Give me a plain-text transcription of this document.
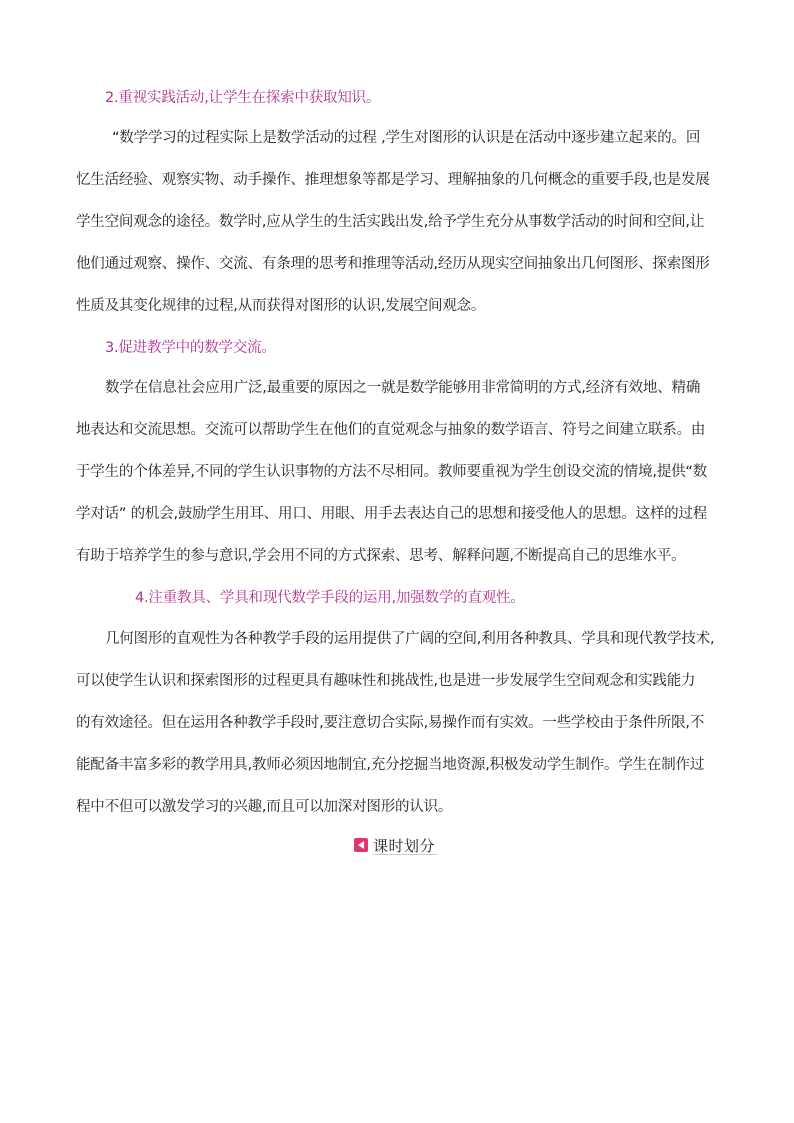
2.重视实践活动,让学生在探索中获取知识。
“数学学习的过程实际上是数学活动的过程 ,学生对图形的认识是在活动中逐步建立起来的。回
忆生活经验、观察实物、动手操作、推理想象等都是学习、理解抽象的几何概念的重要手段,也是发展
学生空间观念的途径。数学时,应从学生的生活实践出发,给予学生充分从事数学活动的时间和空间,让
他们通过观察、操作、交流、有条理的思考和推理等活动,经历从现实空间抽象出几何图形、探索图形
性质及其变化规律的过程,从而获得对图形的认识,发展空间观念。
3.促进教学中的数学交流。
数学在信息社会应用广泛,最重要的原因之一就是数学能够用非常简明的方式,经济有效地、精确
地表达和交流思想。交流可以帮助学生在他们的直觉观念与抽象的数学语言、符号之间建立联系。由
于学生的个体差异,不同的学生认识事物的方法不尽相同。教师要重视为学生创设交流的情境,提供“数
学对话” 的机会,鼓励学生用耳、用口、用眼、用手去表达自己的思想和接受他人的思想。这样的过程
有助于培养学生的参与意识,学会用不同的方式探索、思考、解释问题,不断提高自己的思维水平。
4.注重教具、学具和现代数学手段的运用,加强数学的直观性。
几何图形的直观性为各种教学手段的运用提供了广阔的空间,利用各种教具、学具和现代教学技术,
可以使学生认识和探索图形的过程更具有趣味性和挑战性,也是进一步发展学生空间观念和实践能力
的有效途径。但在运用各种教学手段时,要注意切合实际,易操作而有实效。一些学校由于条件所限,不
能配备丰富多彩的教学用具,教师必须因地制宜,充分挖掘当地资源,积极发动学生制作。学生在制作过
程中不但可以激发学习的兴趣,而且可以加深对图形的认识。
课时划分
